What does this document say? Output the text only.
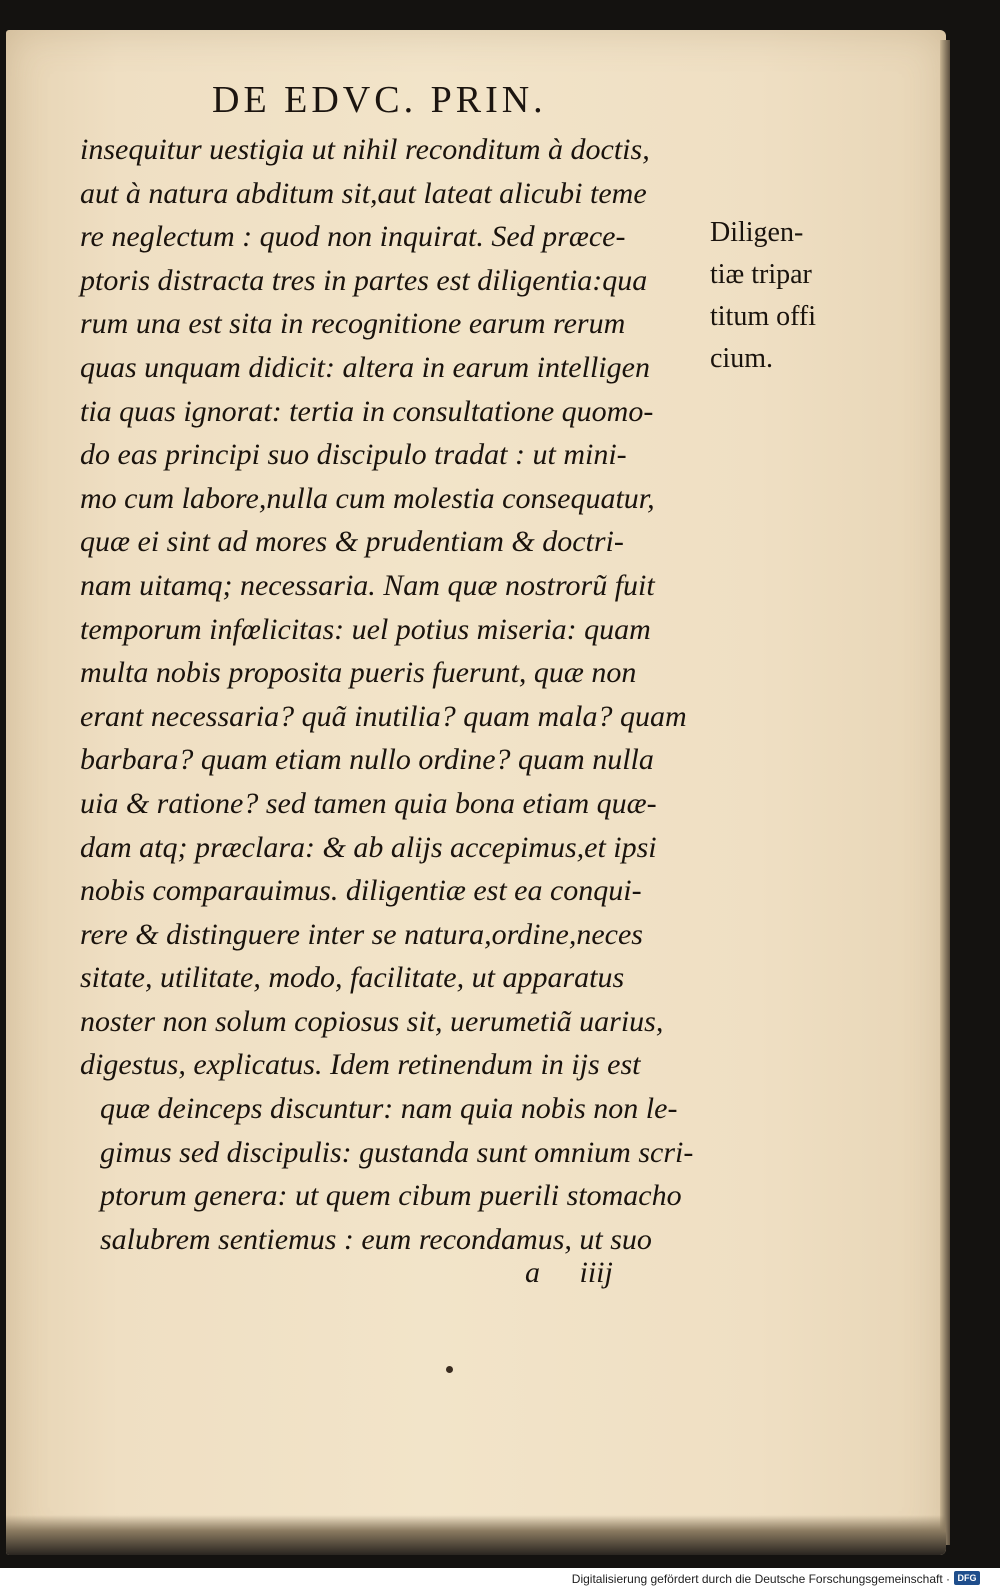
DE EDVC. PRIN.
insequitur uestigia ut nihil reconditum à doctis,
aut à natura abditum sit,aut lateat alicubi teme
re neglectum : quod non inquirat. Sed præce-
ptoris distracta tres in partes est diligentia:qua
rum una est sita in recognitione earum rerum
quas unquam didicit: altera in earum intelligen
tia quas ignorat: tertia in consultatione quomo-
do eas principi suo discipulo tradat : ut mini-
mo cum labore,nulla cum molestia consequatur,
quæ ei sint ad mores & prudentiam & doctri-
nam uitamq; necessaria. Nam quæ nostrorũ fuit
temporum infœlicitas: uel potius miseria: quam
multa nobis proposita pueris fuerunt, quæ non
erant necessaria? quã inutilia? quam mala? quam
barbara? quam etiam nullo ordine? quam nulla
uia & ratione? sed tamen quia bona etiam quæ-
dam atq; præclara: & ab alijs accepimus,et ipsi
nobis comparauimus. diligentiæ est ea conqui-
rere & distinguere inter se natura,ordine,neces
sitate, utilitate, modo, facilitate, ut apparatus
noster non solum copiosus sit, uerumetiã uarius,
digestus, explicatus. Idem retinendum in ijs est
quæ deinceps discuntur: nam quia nobis non le-
gimus sed discipulis: gustanda sunt omnium scri-
ptorum genera: ut quem cibum puerili stomacho
salubrem sentiemus : eum recondamus, ut suo
Diligen-
tiæ tripar
titum offi
cium.
a iiij
Digitalisierung gefördert durch die Deutsche Forschungsgemeinschaft · DFG
